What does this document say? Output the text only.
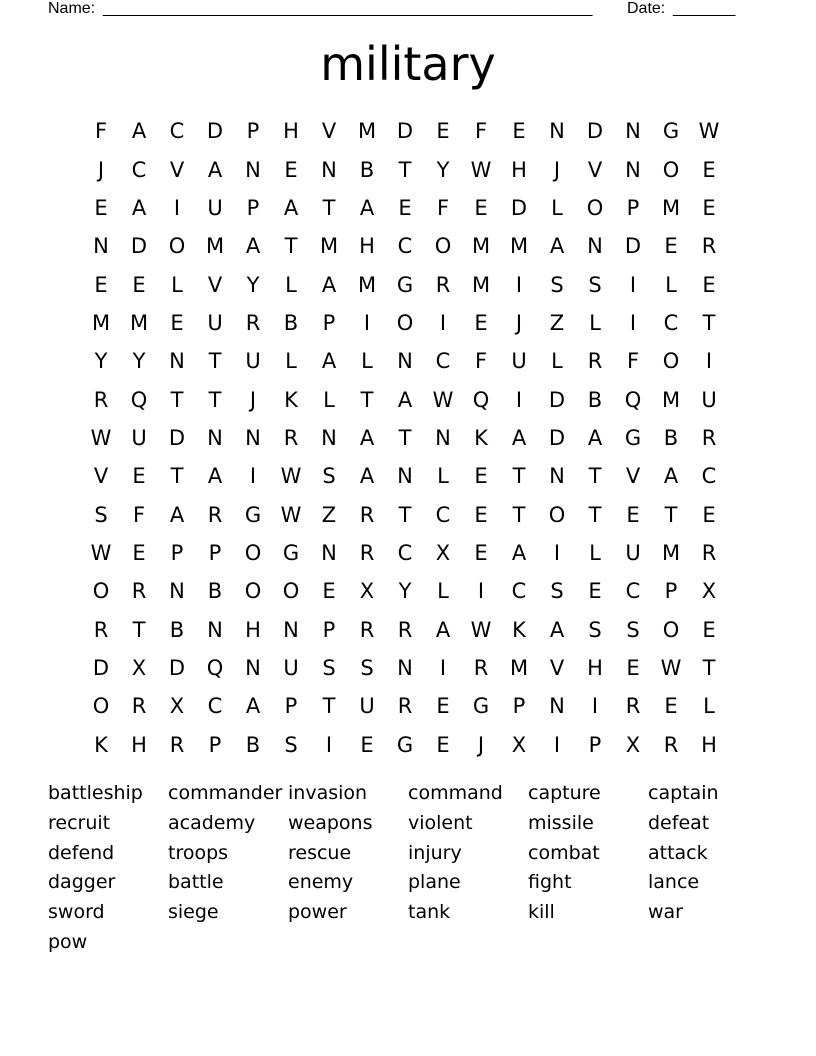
Name: _______________________________________________________ Date: _______
military
F	A	C	D	P	H	V	M D	E	F	E	N	D	N	G W
J	C	V	A	N	E	N	B	T	Y	W H	J	V	N	O	E
E	A	I	U	P	A	T	A	E	F	E	D	L	O	P	M	E
N	D	O M	A	T	M	H	C	O M M	A	N	D	E	R
E	E	L	V	Y	L	A	M G	R	M	I	S	S	I	L	E
M M	E	U	R	B	P	I	O	I	E	J	Z	L	I	C	T
Y	Y	N	T	U	L	A	L	N	C	F	U	L	R	F	O	I
R	Q	T	T	J	K	L	T	A W Q	I	D	B	Q M	U
W U	D	N	N	R	N	A	T	N	K	A	D	A	G	B	R
V	E	T	A	I	W S	A	N	L	E	T	N	T	V	A	C
S	F	A	R	G W Z	R	T	C	E	T	O	T	E	T	E
W E	P	P	O	G	N	R	C	X	E	A	I	L	U	M	R
O	R	N	B	O	O	E	X	Y	L	I	C	S	E	C	P	X
R	T	B	N	H	N	P	R	R	A W K	A	S	S	O	E
D	X	D	Q	N	U	S	S	N	I	R	M	V	H	E W	T
O	R	X	C	A	P	T	U	R	E	G	P	N	I	R	E	L
K	H	R	P	B	S	I	E	G	E	J	X	I	P	X	R	H
battleship	commander invasion	command	capture	captain
recruit	academy	weapons	violent	missile	defeat
defend	troops	rescue	injury	combat	attack
dagger	battle	enemy	plane	fight	lance
sword	siege	power	tank	kill	war
pow
